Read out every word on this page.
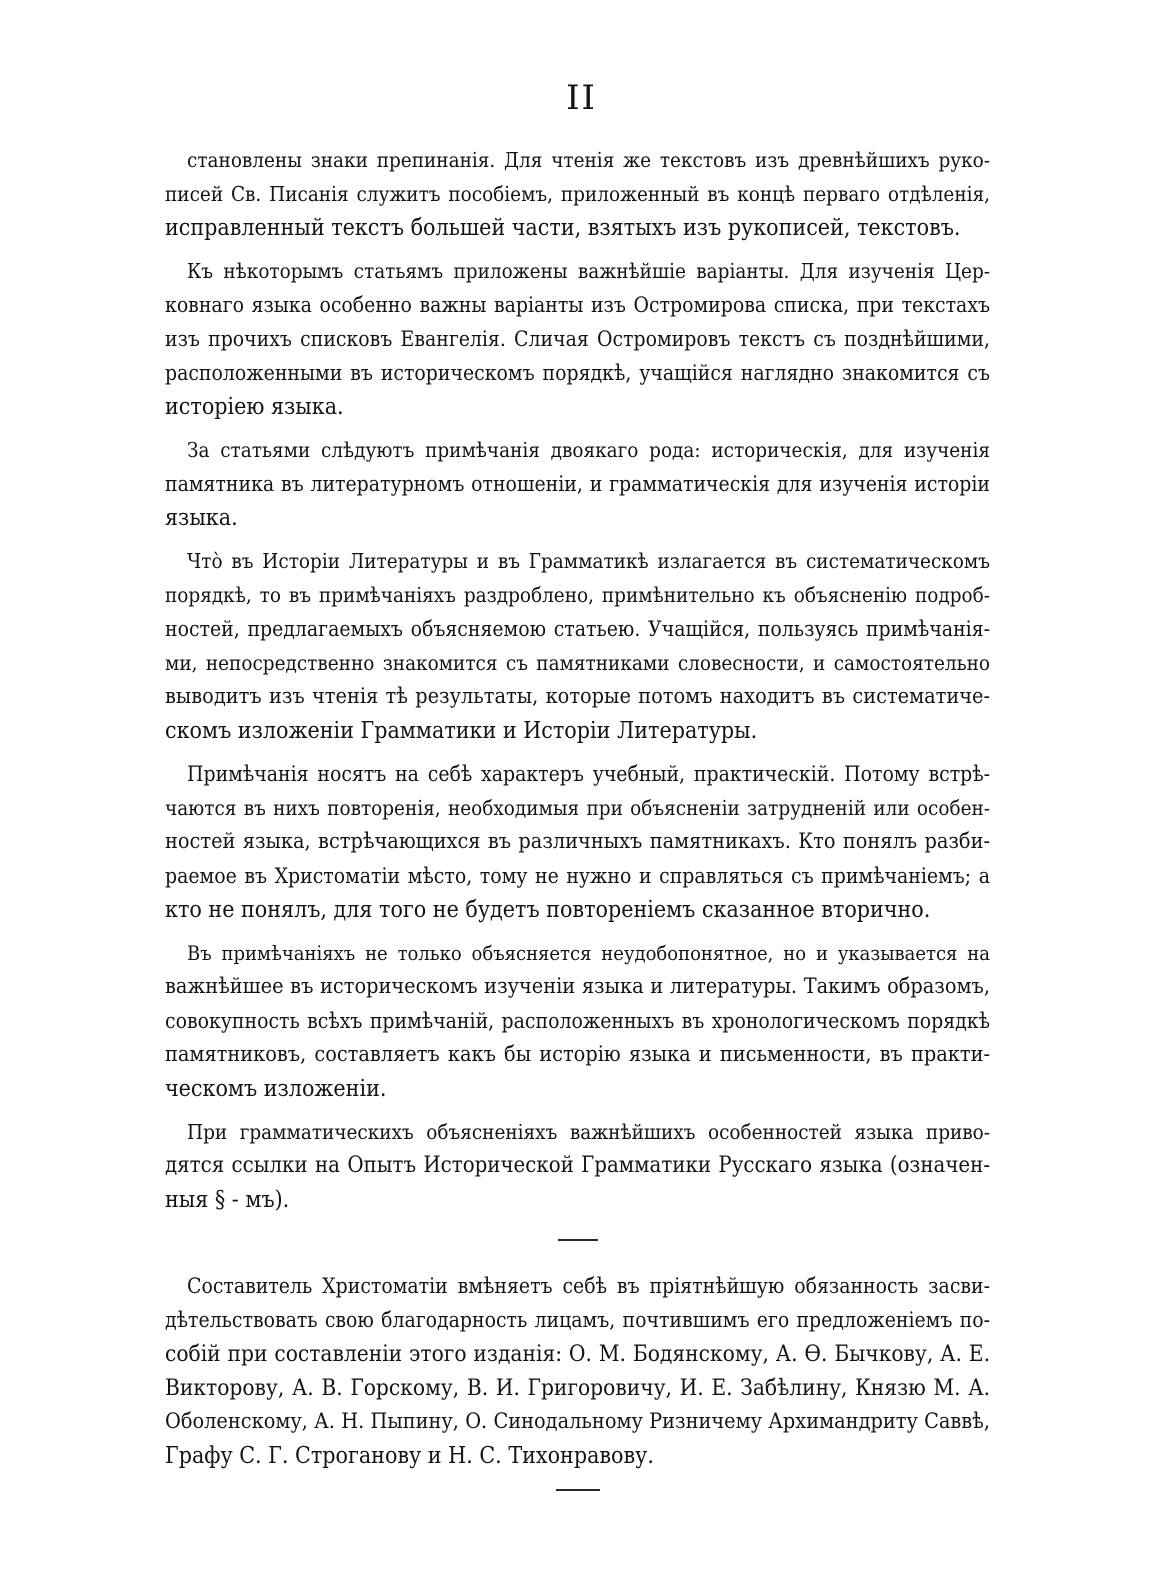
II
становлены знаки препинанія. Для чтенія же текстовъ изъ древнѣйшихъ руко-
писей Св. Писанія служитъ пособіемъ, приложенный въ концѣ перваго отдѣленія,
исправленный текстъ большей части, взятыхъ изъ рукописей, текстовъ.
Къ нѣкоторымъ статьямъ приложены важнѣйшіе варіанты. Для изученія Цер-
ковнаго языка особенно важны варіанты изъ Остромирова списка, при текстахъ
изъ прочихъ списковъ Евангелія. Сличая Остромировъ текстъ съ позднѣйшими,
расположенными въ историческомъ порядкѣ, учащійся наглядно знакомится съ
исторіею языка.
За статьями слѣдуютъ примѣчанія двоякаго рода: историческія, для изученія
памятника въ литературномъ отношеніи, и грамматическія для изученія исторіи
языка.
Что̀ въ Исторіи Литературы и въ Грамматикѣ излагается въ систематическомъ
порядкѣ, то въ примѣчаніяхъ раздроблено, примѣнительно къ объясненію подроб-
ностей, предлагаемыхъ объясняемою статьею. Учащійся, пользуясь примѣчанія-
ми, непосредственно знакомится съ памятниками словесности, и самостоятельно
выводитъ изъ чтенія тѣ результаты, которые потомъ находитъ въ систематиче-
скомъ изложеніи Грамматики и Исторіи Литературы.
Примѣчанія носятъ на себѣ характеръ учебный, практическій. Потому встрѣ-
чаются въ нихъ повторенія, необходимыя при объясненіи затрудненій или особен-
ностей языка, встрѣчающихся въ различныхъ памятникахъ. Кто понялъ разби-
раемое въ Христоматіи мѣсто, тому не нужно и справляться съ примѣчаніемъ; а
кто не понялъ, для того не будетъ повтореніемъ сказанное вторично.
Въ примѣчаніяхъ не только объясняется неудобопонятное, но и указывается на
важнѣйшее въ историческомъ изученіи языка и литературы. Такимъ образомъ,
совокупность всѣхъ примѣчаній, расположенныхъ въ хронологическомъ порядкѣ
памятниковъ, составляетъ какъ бы исторію языка и письменности, въ практи-
ческомъ изложеніи.
При грамматическихъ объясненіяхъ важнѣйшихъ особенностей языка приво-
дятся ссылки на Опытъ Исторической Грамматики Русскаго языка (означен-
ныя § - мъ).
Составитель Христоматіи вмѣняетъ себѣ въ пріятнѣйшую обязанность засви-
дѣтельствовать свою благодарность лицамъ, почтившимъ его предложеніемъ по-
собій при составленіи этого изданія: О. М. Бодянскому, А. Ѳ. Бычкову, А. Е.
Викторову, А. В. Горскому, В. И. Григоровичу, И. Е. Забѣлину, Князю М. А.
Оболенскому, А. Н. Пыпину, О. Синодальному Ризничему Архимандриту Саввѣ,
Графу С. Г. Строганову и Н. С. Тихонравову.
